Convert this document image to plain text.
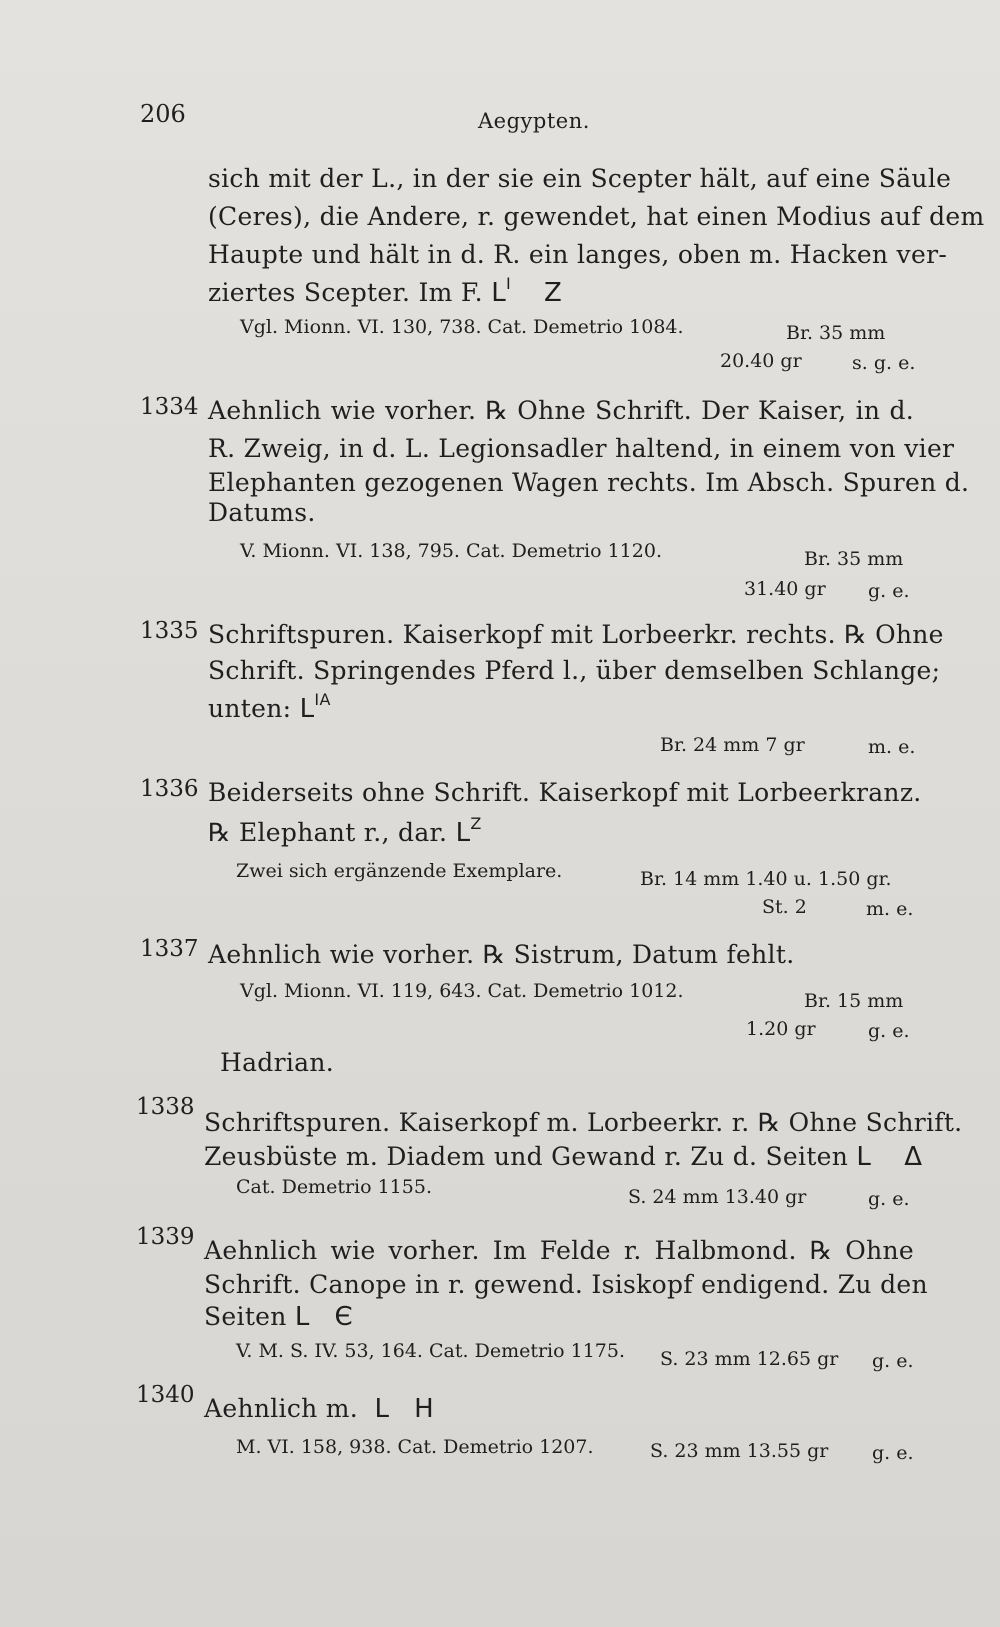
206	Aegypten.
sich mit der L., in der sie ein Scepter hält, auf eine Säule
(Ceres), die Andere, r. gewendet, hat einen Modius auf dem
Haupte und hält in d. R. ein langes, oben m. Hacken ver-
ziertes Scepter. Im F. $L^I$ Z
Vgl. Mionn. VI. 130, 738. Cat. Demetrio 1084.	Br. 35 mm
20.40 gr	s. g. e.
1334 Aehnlich wie vorher. ℞ Ohne Schrift. Der Kaiser, in d.
R. Zweig, in d. L. Legionsadler haltend, in einem von vier
Elephanten gezogenen Wagen rechts. Im Absch. Spuren d.
Datums.
V. Mionn. VI. 138, 795. Cat. Demetrio 1120.	Br. 35 mm
31.40 gr g. e.
1335 Schriftspuren. Kaiserkopf mit Lorbeerkr. rechts. ℞ Ohne
Schrift. Springendes Pferd l., über demselben Schlange;
unten: $L^{IA}$
Br. 24 mm 7 gr	m. e.
1336 Beiderseits ohne Schrift. Kaiserkopf mit Lorbeerkranz.
℞ Elephant r., dar. $L^Z$
Zwei sich ergänzende Exemplare.	Br. 14 mm 1.40 u. 1.50 gr.
St. 2	m. e.
1337 Aehnlich wie vorher. ℞ Sistrum, Datum fehlt.
Vgl. Mionn. VI. 119, 643. Cat. Demetrio 1012.	Br. 15 mm
1.20 gr	g. e.
Hadrian.
1338
Schriftspuren. Kaiserkopf m. Lorbeerkr. r. ℞ Ohne Schrift.
Zeusbüste m. Diadem und Gewand r. Zu d. Seiten L Δ
Cat. Demetrio 1155.	S. 24 mm 13.40 gr	g. e.
1339 Aehnlich wie vorher. Im Felde r. Halbmond. ℞ Ohne
Schrift. Canope in r. gewend. Isiskopf endigend. Zu den
Seiten L Є
V. M. S. IV. 53, 164. Cat. Demetrio 1175. S. 23 mm 12.65 gr g. e.
1340 Aehnlich m. L H
M. VI. 158, 938. Cat. Demetrio 1207.	S. 23 mm 13.55 gr g. e.
